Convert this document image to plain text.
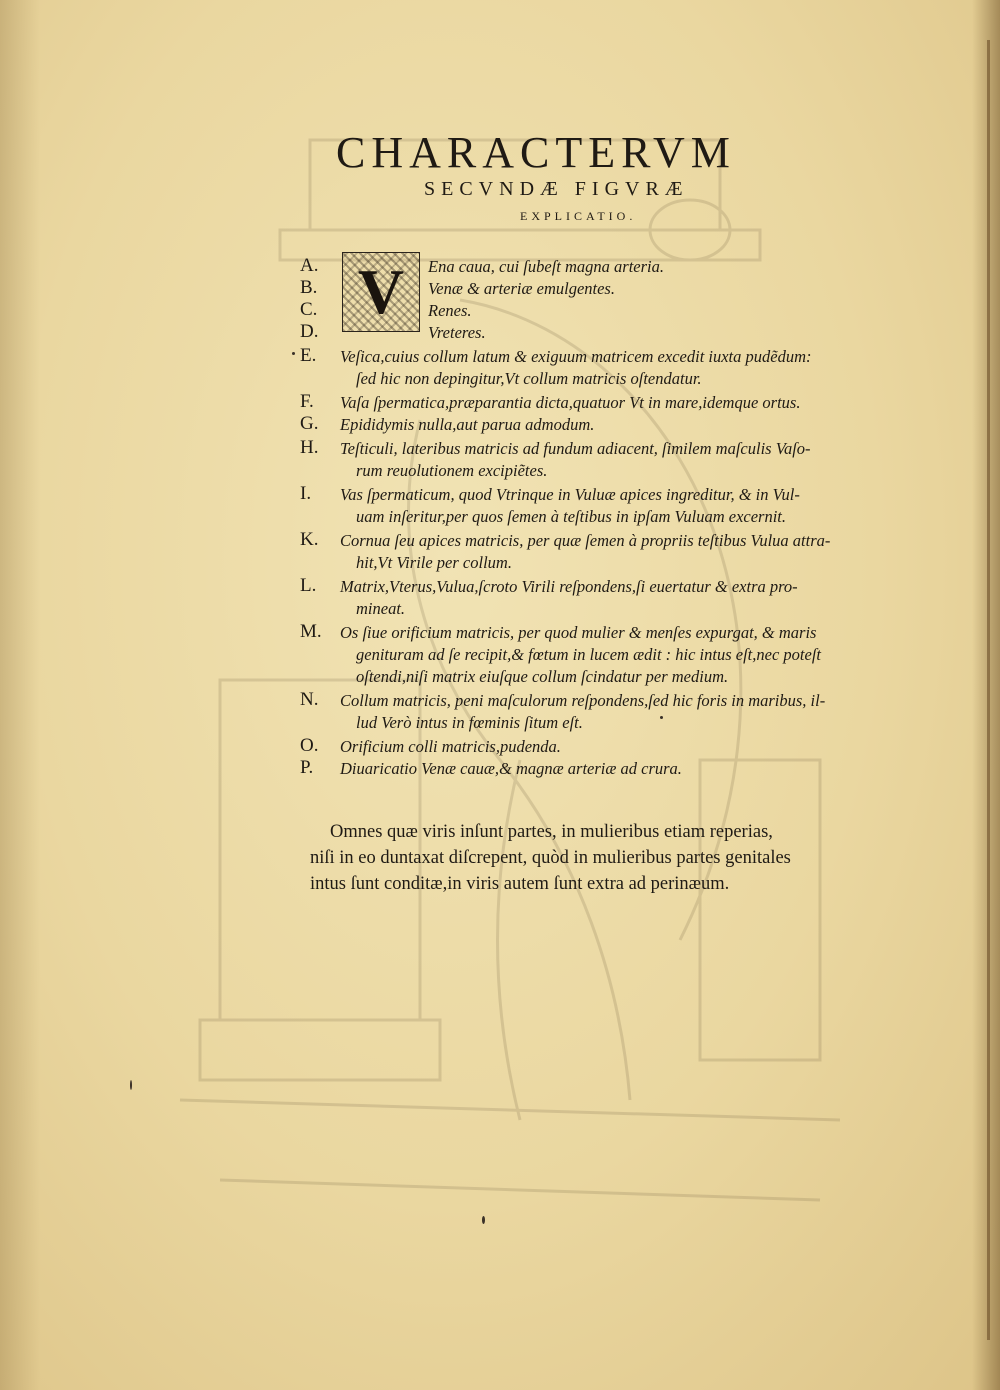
CHARACTERVM
SECVNDÆ FIGVRÆ
EXPLICATIO.
V
A.	Ena caua, cui ſubeſt magna arteria.
B.	Venæ & arteriæ emulgentes.
C.	Renes.
D.	Vreteres.
E.	Veſica,cuius collum latum & exiguum matricem excedit iuxta pudẽdum:
ſed hic non depingitur,Vt collum matricis oſtendatur.
F.	Vaſa ſpermatica,præparantia dicta,quatuor Vt in mare,idemque ortus.
G.	Epididymis nulla,aut parua admodum.
H.	Teſticuli, lateribus matricis ad fundum adiacent, ſimilem maſculis Vaſo-
rum reuolutionem excipiẽtes.
I.	Vas ſpermaticum, quod Vtrinque in Vuluæ apices ingreditur, & in Vul-
uam inſeritur,per quos ſemen à teſtibus in ipſam Vuluam excernit.
K.	Cornua ſeu apices matricis, per quæ ſemen à propriis teſtibus Vulua attra-
hit,Vt Virile per collum.
L.	Matrix,Vterus,Vulua,ſcroto Virili reſpondens,ſi euertatur & extra pro-
mineat.
M.	Os ſiue orificium matricis, per quod mulier & menſes expurgat, & maris
genituram ad ſe recipit,& fœtum in lucem ædit : hic intus eſt,nec poteſt
oſtendi,niſi matrix eiuſque collum ſcindatur per medium.
N.	Collum matricis, peni maſculorum reſpondens,ſed hic foris in maribus, il-
lud Verò intus in fœminis ſitum eſt.
O.	Orificium colli matricis,pudenda.
P.	Diuaricatio Venæ cauæ,& magnæ arteriæ ad crura.
Omnes quæ viris inſunt partes, in mulieribus etiam reperias,
niſi in eo duntaxat diſcrepent, quòd in mulieribus partes genitales
intus ſunt conditæ,in viris autem ſunt extra ad perinæum.
